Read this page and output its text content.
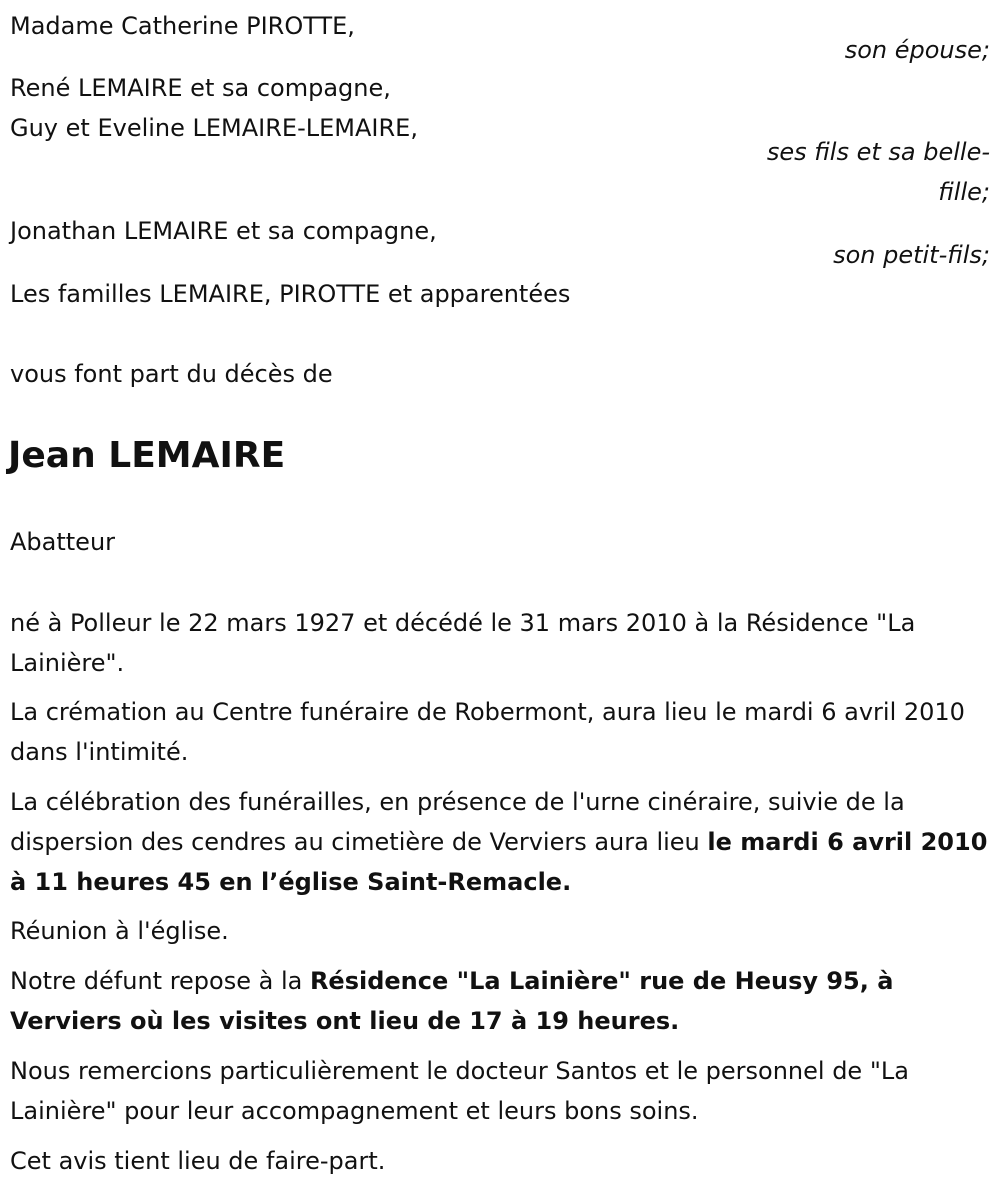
Madame Catherine PIROTTE,
son épouse;
René LEMAIRE et sa compagne,
Guy et Eveline LEMAIRE-LEMAIRE,
ses fils et sa belle-
fille;
Jonathan LEMAIRE et sa compagne,
son petit-fils;
Les familles LEMAIRE, PIROTTE et apparentées
vous font part du décès de
Jean LEMAIRE
Abatteur
né à Polleur le 22 mars 1927 et décédé le 31 mars 2010 à la Résidence "La Lainière".
La crémation au Centre funéraire de Robermont, aura lieu le mardi 6 avril 2010 dans l'intimité.
La célébration des funérailles, en présence de l'urne cinéraire, suivie de la dispersion des cendres au cimetière de Verviers aura lieu le mardi 6 avril 2010 à 11 heures 45 en l’église Saint-Remacle.
Réunion à l'église.
Notre défunt repose à la Résidence "La Lainière" rue de Heusy 95, à Verviers où les visites ont lieu de 17 à 19 heures.
Nous remercions particulièrement le docteur Santos et le personnel de "La Lainière" pour leur accompagnement et leurs bons soins.
Cet avis tient lieu de faire-part.
